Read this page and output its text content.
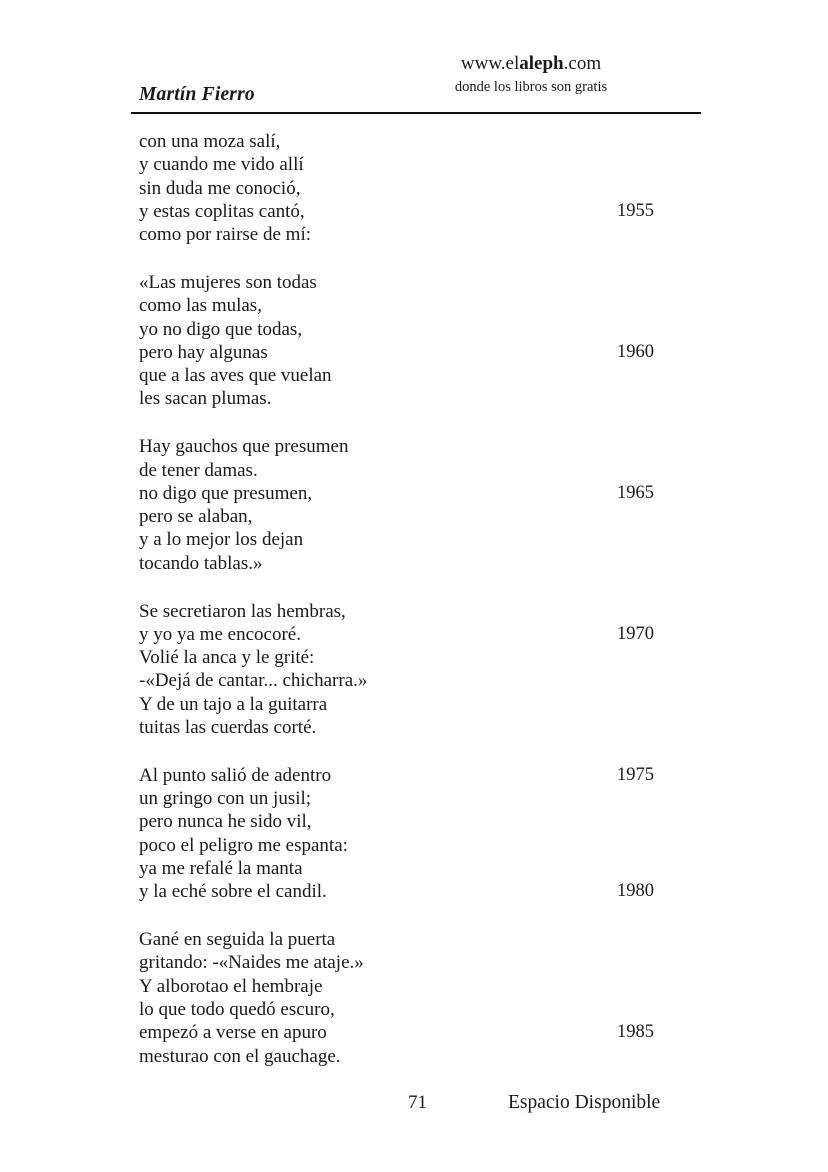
Martín Fierro
www.elaleph.com
donde los libros son gratis
con una moza salí,
y cuando me vido allí
sin duda me conoció,
y estas coplitas cantó,	1955
como por rairse de mí:
«Las mujeres son todas
como las mulas,
yo no digo que todas,
pero hay algunas	1960
que a las aves que vuelan
les sacan plumas.
Hay gauchos que presumen
de tener damas.
no digo que presumen,	1965
pero se alaban,
y a lo mejor los dejan
tocando tablas.»
Se secretiaron las hembras,
y yo ya me encocoré.	1970
Volié la anca y le grité:
-«Dejá de cantar... chicharra.»
Y de un tajo a la guitarra
tuitas las cuerdas corté.
Al punto salió de adentro	1975
un gringo con un jusil;
pero nunca he sido vil,
poco el peligro me espanta:
ya me refalé la manta
y la eché sobre el candil.	1980
Gané en seguida la puerta
gritando: -«Naides me ataje.»
Y alborotao el hembraje
lo que todo quedó escuro,
empezó a verse en apuro	1985
mesturao con el gauchage.
71	Espacio Disponible
